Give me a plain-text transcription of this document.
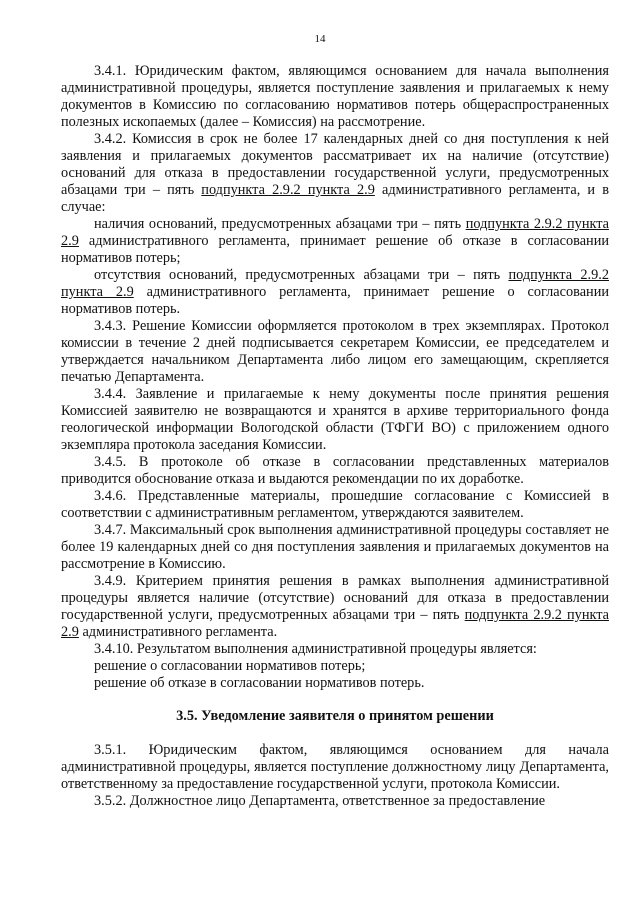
14

3.4.1. Юридическим фактом, являющимся основанием для начала выполнения административной процедуры, является поступление заявления и прилагаемых к нему документов в Комиссию по согласованию нормативов потерь общераспространенных полезных ископаемых (далее – Комиссия) на рассмотрение.

3.4.2. Комиссия в срок не более 17 календарных дней со дня поступления к ней заявления и прилагаемых документов рассматривает их на наличие (отсутствие) оснований для отказа в предоставлении государственной услуги, предусмотренных абзацами три – пять подпункта 2.9.2 пункта 2.9 административного регламента, и в случае:

наличия оснований, предусмотренных абзацами три – пять подпункта 2.9.2 пункта 2.9 административного регламента, принимает решение об отказе в согласовании нормативов потерь;

отсутствия оснований, предусмотренных абзацами три – пять подпункта 2.9.2 пункта 2.9 административного регламента, принимает решение о согласовании нормативов потерь.

3.4.3. Решение Комиссии оформляется протоколом в трех экземплярах. Протокол комиссии в течение 2 дней подписывается секретарем Комиссии, ее председателем и утверждается начальником Департамента либо лицом его замещающим, скрепляется печатью Департамента.

3.4.4. Заявление и прилагаемые к нему документы после принятия решения Комиссией заявителю не возвращаются и хранятся в архиве территориального фонда геологической информации Вологодской области (ТФГИ ВО) с приложением одного экземпляра протокола заседания Комиссии.

3.4.5. В протоколе об отказе в согласовании представленных материалов приводится обоснование отказа и выдаются рекомендации по их доработке.

3.4.6. Представленные материалы, прошедшие согласование с Комиссией в соответствии с административным регламентом, утверждаются заявителем.

3.4.7. Максимальный срок выполнения административной процедуры составляет не более 19 календарных дней со дня поступления заявления и прилагаемых документов на рассмотрение в Комиссию.

3.4.9. Критерием принятия решения в рамках выполнения административной процедуры является наличие (отсутствие) оснований для отказа в предоставлении государственной услуги, предусмотренных абзацами три – пять подпункта 2.9.2 пункта 2.9 административного регламента.

3.4.10. Результатом выполнения административной процедуры является:

решение о согласовании нормативов потерь;

решение об отказе в согласовании нормативов потерь.

3.5. Уведомление заявителя о принятом решении

3.5.1. Юридическим фактом, являющимся основанием для начала административной процедуры, является поступление должностному лицу Департамента, ответственному за предоставление государственной услуги, протокола Комиссии.

3.5.2. Должностное лицо Департамента, ответственное за предоставление
